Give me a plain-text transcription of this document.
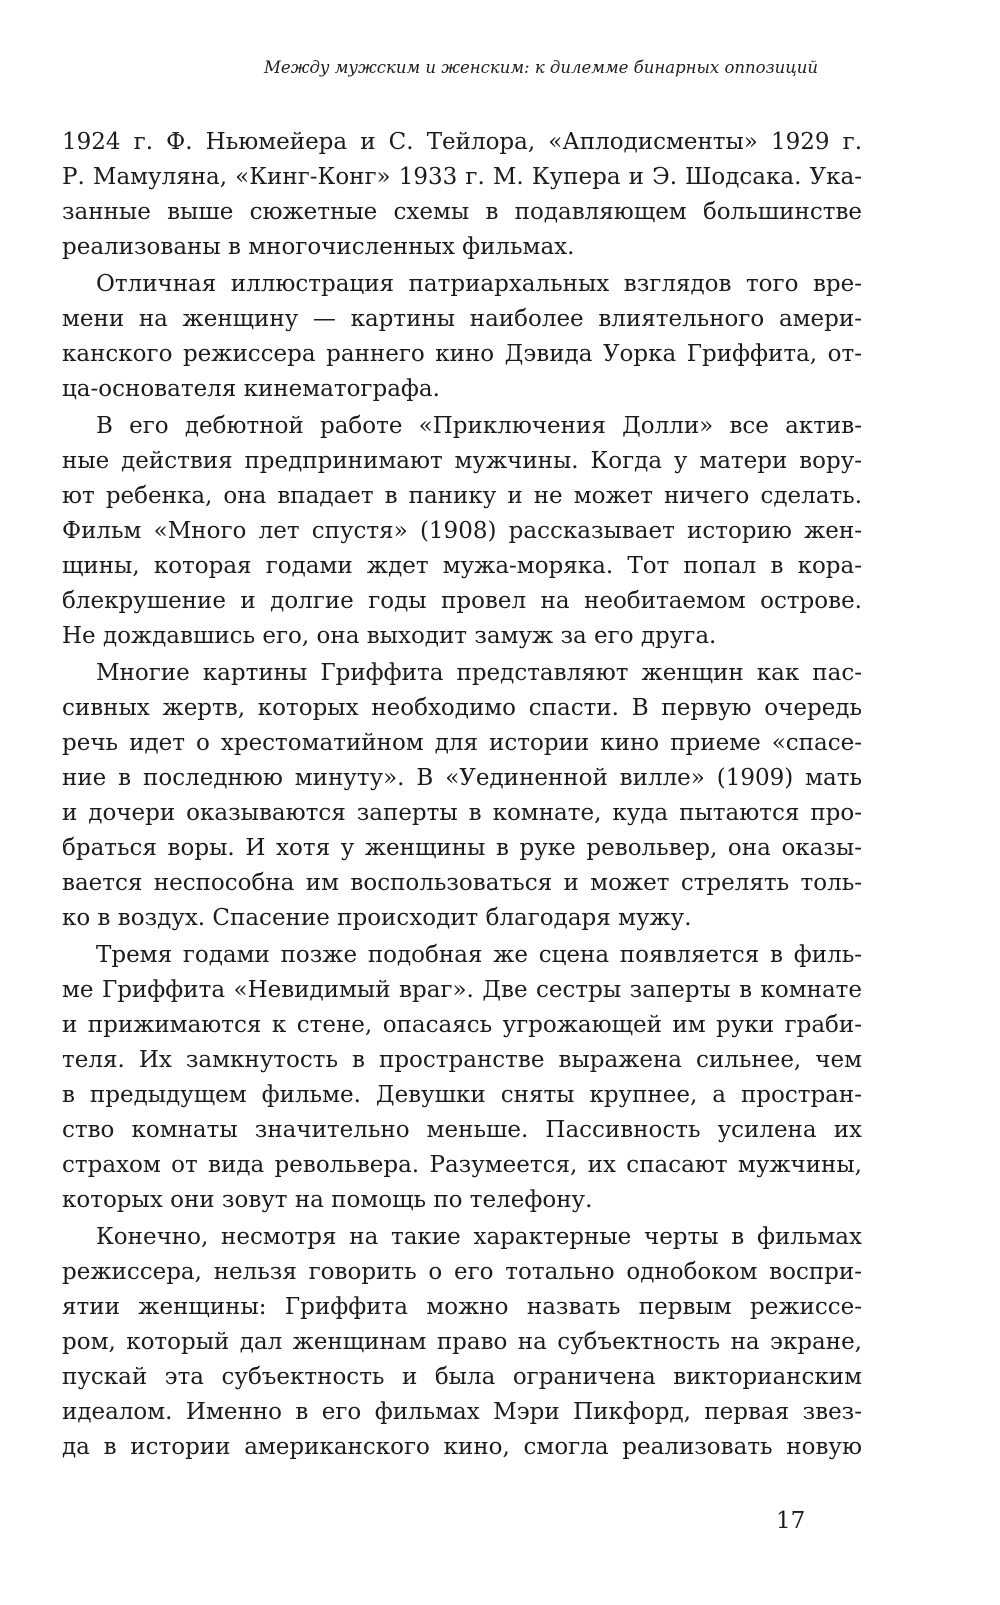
Между мужским и женским: к дилемме бинарных оппозиций

1924 г. Ф. Ньюмейера и С. Тейлора, «Аплодисменты» 1929 г.
Р. Мамуляна, «Кинг-Конг» 1933 г. М. Купера и Э. Шодсака. Ука-
занные выше сюжетные схемы в подавляющем большинстве
реализованы в многочисленных фильмах.

Отличная иллюстрация патриархальных взглядов того вре-
мени на женщину — картины наиболее влиятельного амери-
канского режиссера раннего кино Дэвида Уорка Гриффита, от-
ца-основателя кинематографа.

В его дебютной работе «Приключения Долли» все актив-
ные действия предпринимают мужчины. Когда у матери вору-
ют ребенка, она впадает в панику и не может ничего сделать.
Фильм «Много лет спустя» (1908) рассказывает историю жен-
щины, которая годами ждет мужа-моряка. Тот попал в кора-
блекрушение и долгие годы провел на необитаемом острове.
Не дождавшись его, она выходит замуж за его друга.

Многие картины Гриффита представляют женщин как пас-
сивных жертв, которых необходимо спасти. В первую очередь
речь идет о хрестоматийном для истории кино приеме «спасе-
ние в последнюю минуту». В «Уединенной вилле» (1909) мать
и дочери оказываются заперты в комнате, куда пытаются про-
браться воры. И хотя у женщины в руке револьвер, она оказы-
вается неспособна им воспользоваться и может стрелять толь-
ко в воздух. Спасение происходит благодаря мужу.

Тремя годами позже подобная же сцена появляется в филь-
ме Гриффита «Невидимый враг». Две сестры заперты в комнате
и прижимаются к стене, опасаясь угрожающей им руки граби-
теля. Их замкнутость в пространстве выражена сильнее, чем
в предыдущем фильме. Девушки сняты крупнее, а простран-
ство комнаты значительно меньше. Пассивность усилена их
страхом от вида револьвера. Разумеется, их спасают мужчины,
которых они зовут на помощь по телефону.

Конечно, несмотря на такие характерные черты в фильмах
режиссера, нельзя говорить о его тотально однобоком воспри-
ятии женщины: Гриффита можно назвать первым режиссе-
ром, который дал женщинам право на субъектность на экране,
пускай эта субъектность и была ограничена викторианским
идеалом. Именно в его фильмах Мэри Пикфорд, первая звез-
да в истории американского кино, смогла реализовать новую

17
